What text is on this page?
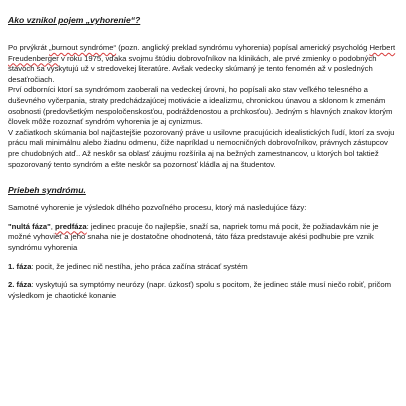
Ako vznikol pojem „vyhorenie“?

Po prvýkrát „burnout syndróme“ (pozn. anglický preklad syndrómu vyhorenia) popísal americký psychológ Herbert Freudenberger v roku 1975, vďaka svojmu štúdiu dobrovoľníkov na klinikách, ale prvé zmienky o podobných stavoch sa vyskytujú už v stredovekej literatúre. Avšak vedecky skúmaný je tento fenomén až v posledných desaťročiach.

Prví odborníci ktorí sa syndrómom zaoberali na vedeckej úrovni, ho popísali ako stav veľkého telesného a duševného vyčerpania, straty predchádzajúcej motivácie a idealizmu, chronickou únavou a sklonom k zmenám osobnosti (predovšetkým nespoločenskosťou, podráždenostou a prchkosťou). Jedným s hlavných znakov ktorým človek môže rozoznať syndróm vyhorenia je aj cynizmus.

V začiatkoch skúmania bol najčastejšie pozorovaný práve u usilovne pracujúcich idealistických ľudí, ktorí za svoju prácu mali minimálnu alebo žiadnu odmenu, čiže napríklad u nemocničných dobrovoľníkov, právnych zástupcov pre chudobných atď.. Až neskôr sa oblasť záujmu rozšírila aj na bežných zamestnancov, u ktorých bol taktiež spozorovaný tento syndróm a ešte neskôr sa pozornosť kládla aj na študentov.

Priebeh syndrómu.

Samotné vyhorenie je výsledok dlhého pozvoľného procesu, ktorý má nasledujúce fázy:

"nultá fáza", predfáza: jedinec pracuje čo najlepšie, snaží sa, napriek tomu má pocit, že požiadavkám nie je možné vyhovieť a jeho snaha nie je dostatočne ohodnotená, táto fáza predstavuje akési podhubie pre vznik syndrómu vyhorenia

1. fáza: pocit, že jedinec nič nestíha, jeho práca začína strácať systém

2. fáza: vyskytujú sa symptómy neurózy (napr. úzkosť) spolu s pocitom, že jedinec stále musí niečo robiť, pričom výsledkom je chaotické konanie
